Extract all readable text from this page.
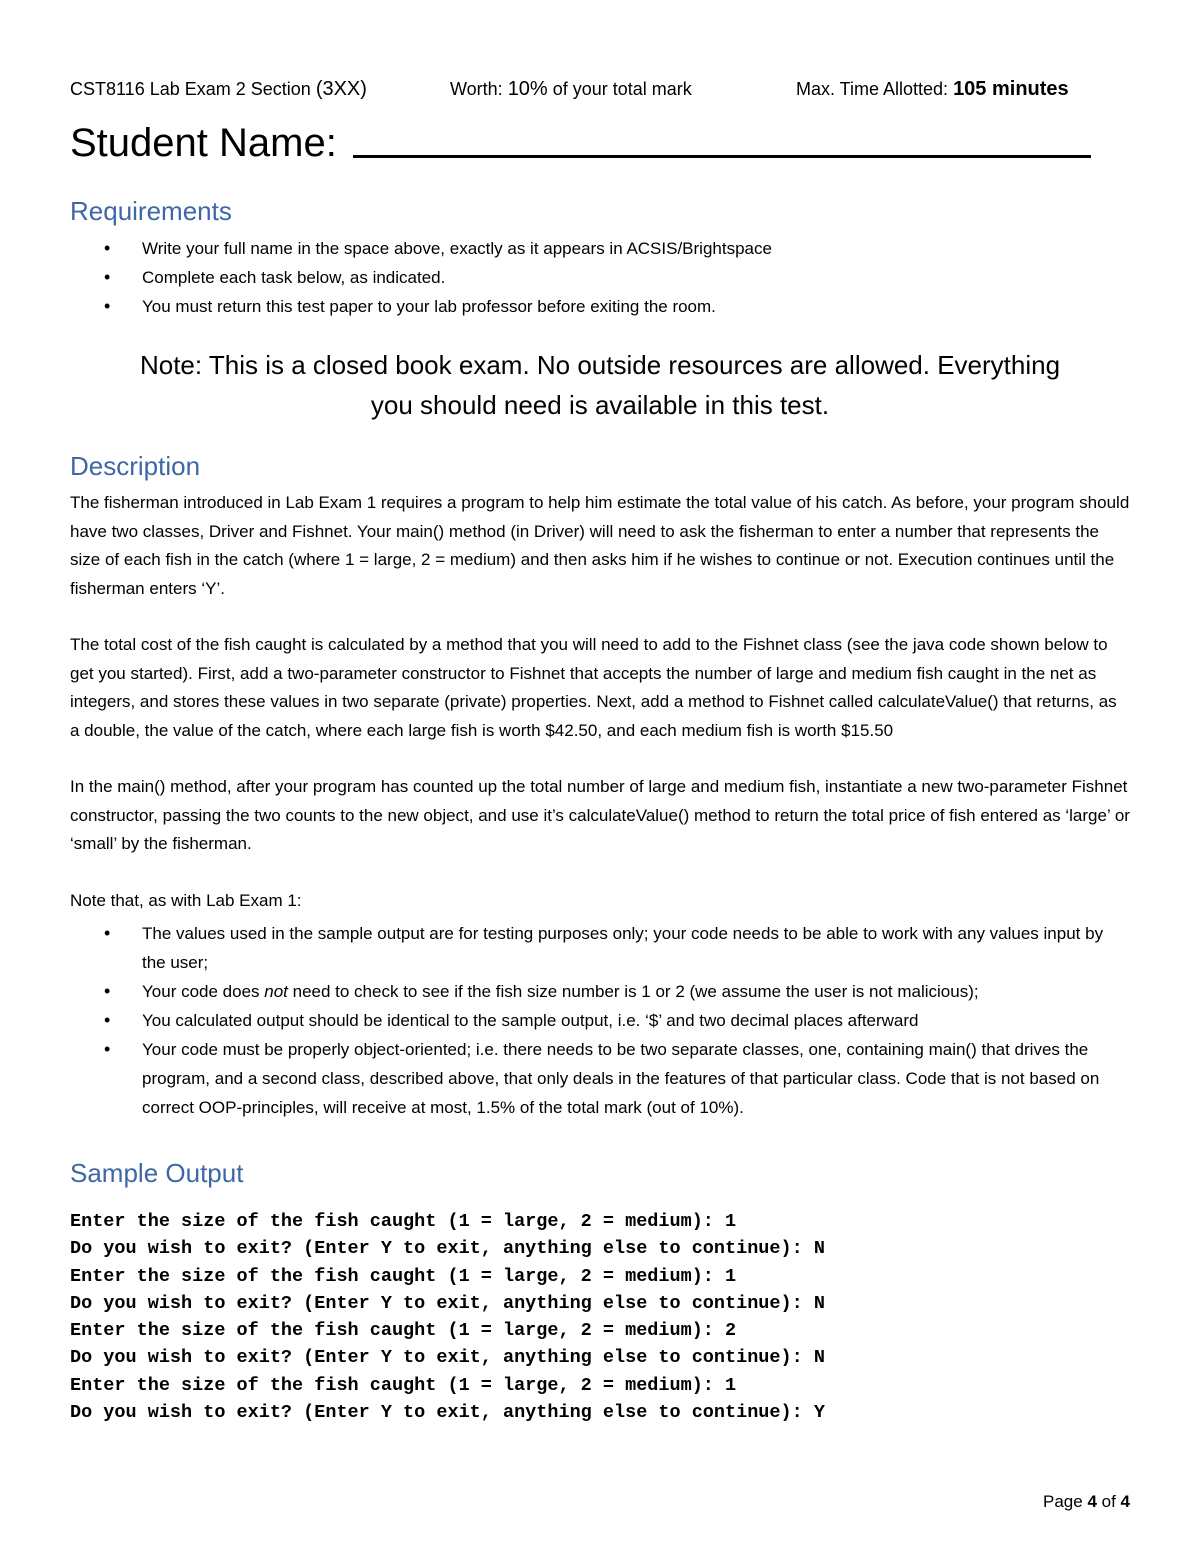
CST8116 Lab Exam 2 Section (3XX)	Worth: 10% of your total mark	Max. Time Allotted: 105 minutes
Student Name:
Requirements
• Write your full name in the space above, exactly as it appears in ACSIS/Brightspace
• Complete each task below, as indicated.
• You must return this test paper to your lab professor before exiting the room.
Note: This is a closed book exam. No outside resources are allowed. Everything
you should need is available in this test.
Description

The fisherman introduced in Lab Exam 1 requires a program to help him estimate the total value of his catch. As before, your program should have two classes, Driver and Fishnet. Your main() method (in Driver) will need to ask the fisherman to enter a number that represents the size of each fish in the catch (where 1 = large, 2 = medium) and then asks him if he wishes to continue or not. Execution continues until the fisherman enters ‘Y’.

The total cost of the fish caught is calculated by a method that you will need to add to the Fishnet class (see the java code shown below to get you started). First, add a two-parameter constructor to Fishnet that accepts the number of large and medium fish caught in the net as integers, and stores these values in two separate (private) properties. Next, add a method to Fishnet called calculateValue() that returns, as a double, the value of the catch, where each large fish is worth $42.50, and each medium fish is worth $15.50

In the main() method, after your program has counted up the total number of large and medium fish, instantiate a new two-parameter Fishnet constructor, passing the two counts to the new object, and use it’s calculateValue() method to return the total price of fish entered as ‘large’ or ‘small’ by the fisherman.

Note that, as with Lab Exam 1:

• The values used in the sample output are for testing purposes only; your code needs to be able to work with any values input by the user;
• Your code does not need to check to see if the fish size number is 1 or 2 (we assume the user is not malicious);
• You calculated output should be identical to the sample output, i.e. ‘$’ and two decimal places afterward
• Your code must be properly object-oriented; i.e. there needs to be two separate classes, one, containing main() that drives the program, and a second class, described above, that only deals in the features of that particular class. Code that is not based on correct OOP-principles, will receive at most, 1.5% of the total mark (out of 10%).
Sample Output
Enter the size of the fish caught (1 = large, 2 = medium): 1
Do you wish to exit? (Enter Y to exit, anything else to continue): N
Enter the size of the fish caught (1 = large, 2 = medium): 1
Do you wish to exit? (Enter Y to exit, anything else to continue): N
Enter the size of the fish caught (1 = large, 2 = medium): 2
Do you wish to exit? (Enter Y to exit, anything else to continue): N
Enter the size of the fish caught (1 = large, 2 = medium): 1
Do you wish to exit? (Enter Y to exit, anything else to continue): Y
Page 4 of 4
